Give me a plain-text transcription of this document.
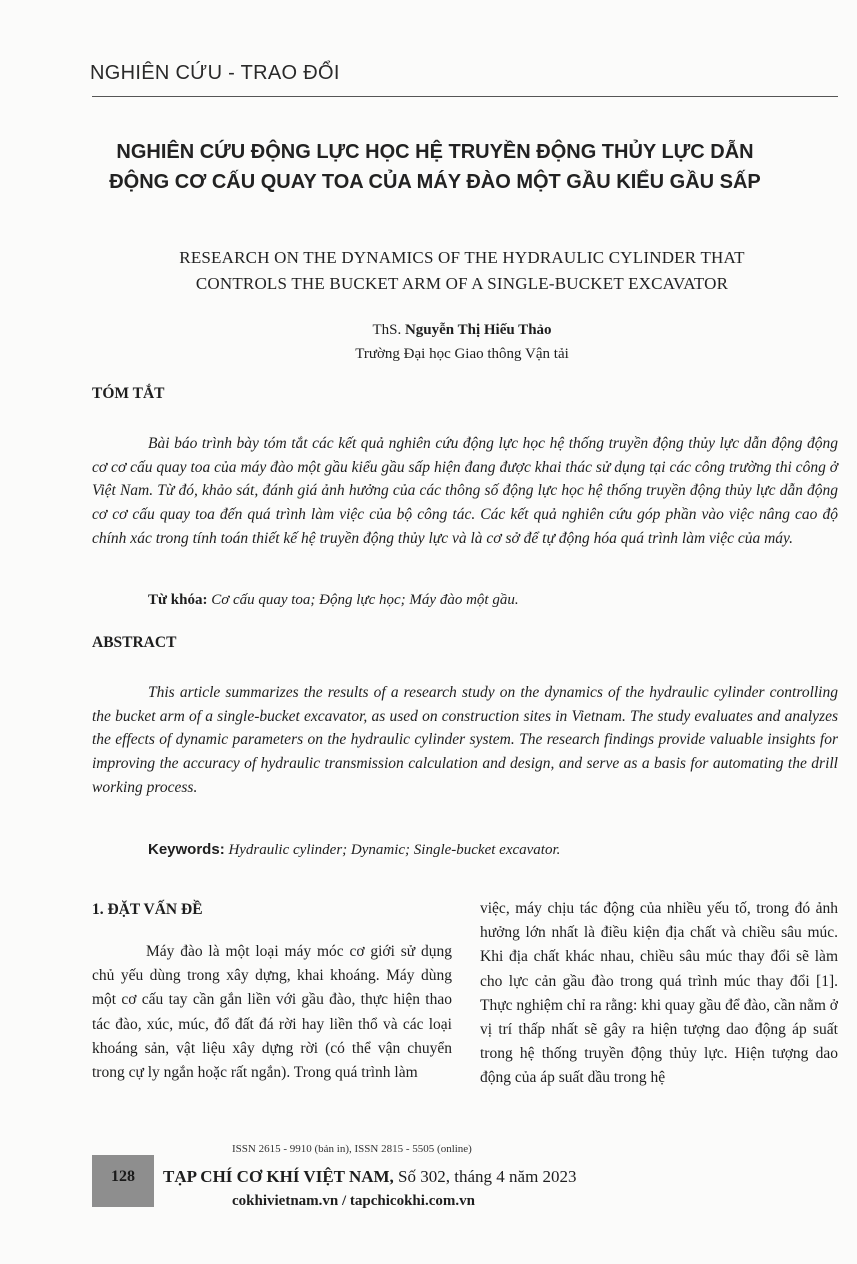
NGHIÊN CỨU - TRAO ĐỔI
NGHIÊN CỨU ĐỘNG LỰC HỌC HỆ TRUYỀN ĐỘNG THỦY LỰC DẪN ĐỘNG CƠ CẤU QUAY TOA CỦA MÁY ĐÀO MỘT GẦU KIỂU GẦU SẤP
RESEARCH ON THE DYNAMICS OF THE HYDRAULIC CYLINDER THAT
CONTROLS THE BUCKET ARM OF A SINGLE-BUCKET EXCAVATOR
ThS. Nguyễn Thị Hiếu Thảo
Trường Đại học Giao thông Vận tải
TÓM TẮT
Bài báo trình bày tóm tắt các kết quả nghiên cứu động lực học hệ thống truyền động thủy lực dẫn động động cơ cơ cấu quay toa của máy đào một gầu kiểu gầu sấp hiện đang được khai thác sử dụng tại các công trường thi công ở Việt Nam. Từ đó, khảo sát, đánh giá ảnh hưởng của các thông số động lực học hệ thống truyền động thủy lực dẫn động cơ cơ cấu quay toa đến quá trình làm việc của bộ công tác. Các kết quả nghiên cứu góp phần vào việc nâng cao độ chính xác trong tính toán thiết kế hệ truyền động thủy lực và là cơ sở để tự động hóa quá trình làm việc của máy.
Từ khóa: Cơ cấu quay toa; Động lực học; Máy đào một gầu.
ABSTRACT
This article summarizes the results of a research study on the dynamics of the hydraulic cylinder controlling the bucket arm of a single-bucket excavator, as used on construction sites in Vietnam. The study evaluates and analyzes the effects of dynamic parameters on the hydraulic cylinder system. The research findings provide valuable insights for improving the accuracy of hydraulic transmission calculation and design, and serve as a basis for automating the drill working process.
Keywords: Hydraulic cylinder; Dynamic; Single-bucket excavator.
1. ĐẶT VẤN ĐỀ
Máy đào là một loại máy móc cơ giới sử dụng chủ yếu dùng trong xây dựng, khai khoáng. Máy dùng một cơ cấu tay cần gắn liền với gầu đào, thực hiện thao tác đào, xúc, múc, đổ đất đá rời hay liền thổ và các loại khoáng sản, vật liệu xây dựng rời (có thể vận chuyển trong cự ly ngắn hoặc rất ngắn). Trong quá trình làm
việc, máy chịu tác động của nhiều yếu tố, trong đó ảnh hưởng lớn nhất là điều kiện địa chất và chiều sâu múc. Khi địa chất khác nhau, chiều sâu múc thay đổi sẽ làm cho lực cản gầu đào trong quá trình múc thay đổi [1]. Thực nghiệm chỉ ra rằng: khi quay gầu để đào, cần nằm ở vị trí thấp nhất sẽ gây ra hiện tượng dao động áp suất trong hệ thống truyền động thủy lực. Hiện tượng dao động của áp suất dầu trong hệ
ISSN 2615 - 9910 (bản in), ISSN 2815 - 5505 (online)
128	TẠP CHÍ CƠ KHÍ VIỆT NAM, Số 302, tháng 4 năm 2023
cokhivietnam.vn / tapchicokhi.com.vn
